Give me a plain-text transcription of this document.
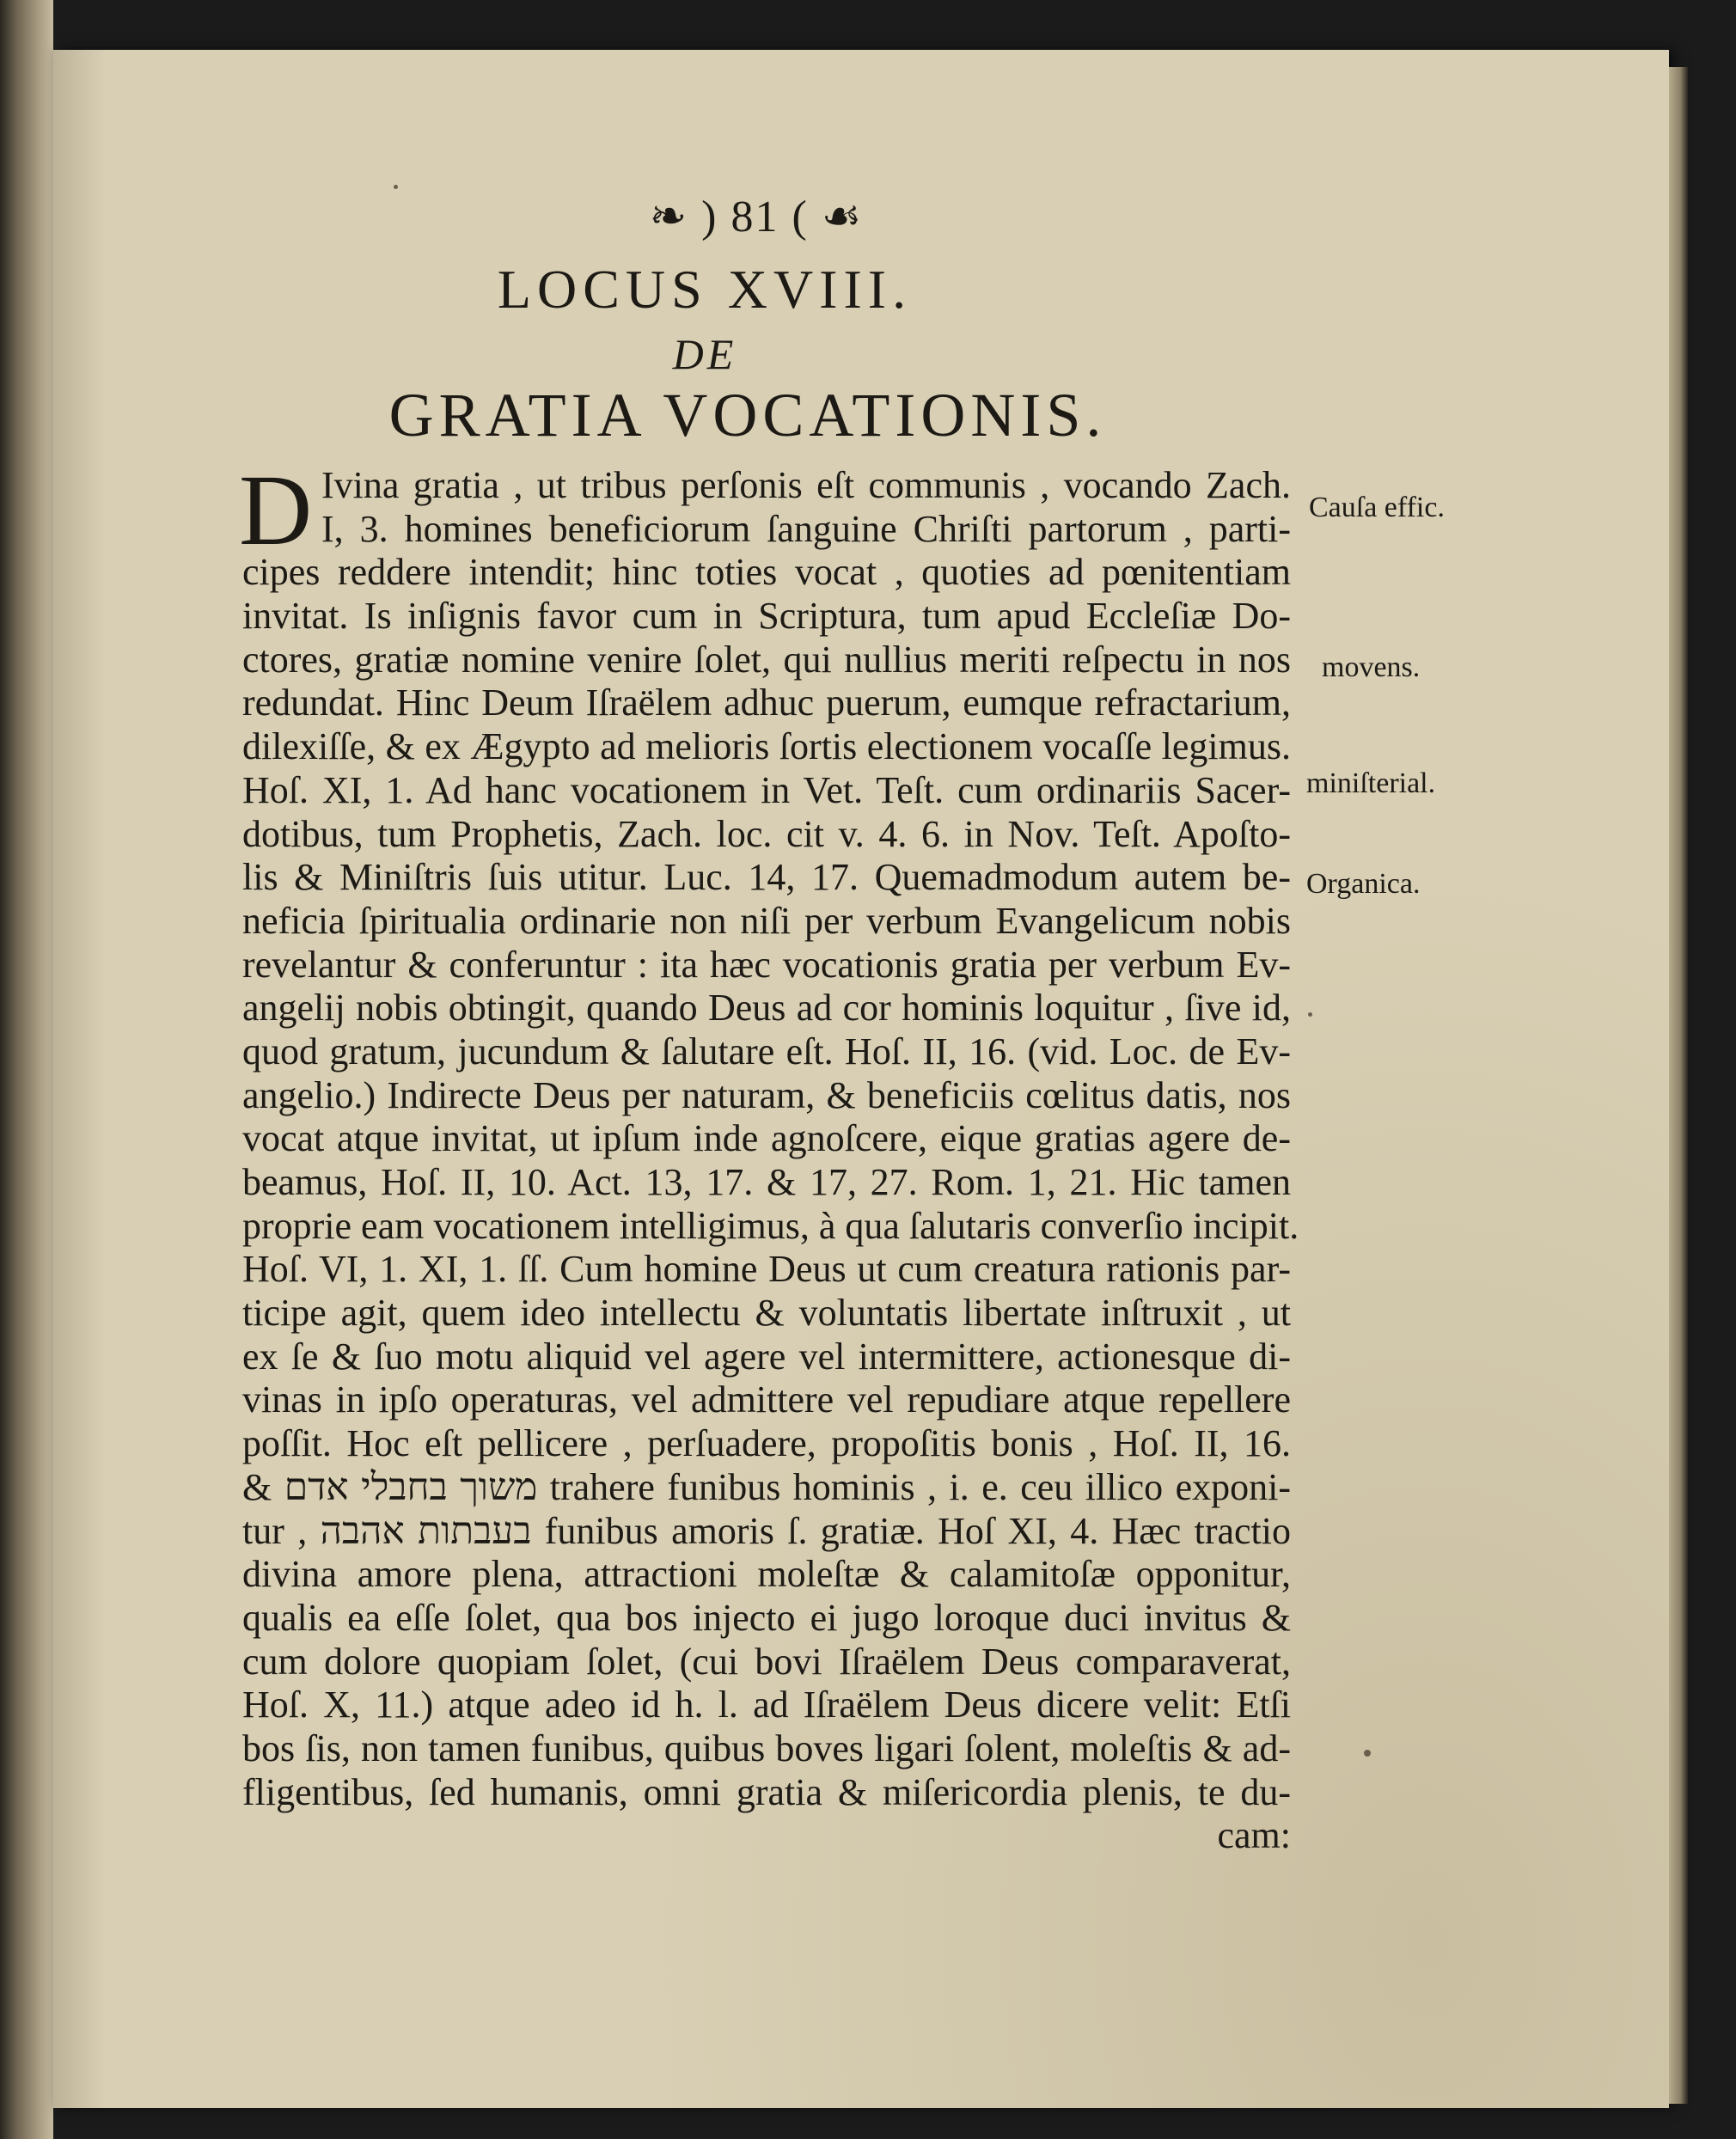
❧ ) 81 ( ☙
LOCUS XVIII.
DE
GRATIA VOCATIONIS.
D Ivina gratia , ut tribus perſonis eſt communis , vocando Zach.
I, 3. homines beneficiorum ſanguine Chriſti partorum , parti-
cipes reddere intendit; hinc toties vocat , quoties ad pœnitentiam
invitat. Is inſignis favor cum in Scriptura, tum apud Eccleſiæ Do-
ctores, gratiæ nomine venire ſolet, qui nullius meriti reſpectu in nos
redundat. Hinc Deum Iſraëlem adhuc puerum, eumque refractarium,
dilexiſſe, & ex Ægypto ad melioris ſortis electionem vocaſſe legimus.
Hoſ. XI, 1. Ad hanc vocationem in Vet. Teſt. cum ordinariis Sacer-
dotibus, tum Prophetis, Zach. loc. cit v. 4. 6. in Nov. Teſt. Apoſto-
lis & Miniſtris ſuis utitur. Luc. 14, 17. Quemadmodum autem be-
neficia ſpiritualia ordinarie non niſi per verbum Evangelicum nobis
revelantur & conferuntur : ita hæc vocationis gratia per verbum Ev-
angelij nobis obtingit, quando Deus ad cor hominis loquitur , ſive id,
quod gratum, jucundum & ſalutare eſt. Hoſ. II, 16. (vid. Loc. de Ev-
angelio.) Indirecte Deus per naturam, & beneficiis cœlitus datis, nos
vocat atque invitat, ut ipſum inde agnoſcere, eique gratias agere de-
beamus, Hoſ. II, 10. Act. 13, 17. & 17, 27. Rom. 1, 21. Hic tamen
proprie eam vocationem intelligimus, à qua ſalutaris converſio incipit.
Hoſ. VI, 1. XI, 1. ſſ. Cum homine Deus ut cum creatura rationis par-
ticipe agit, quem ideo intellectu & voluntatis libertate inſtruxit , ut
ex ſe & ſuo motu aliquid vel agere vel intermittere, actionesque di-
vinas in ipſo operaturas, vel admittere vel repudiare atque repellere
poſſit. Hoc eſt pellicere , perſuadere, propoſitis bonis , Hoſ. II, 16.
& משוך בחבלי אדם trahere funibus hominis , i. e. ceu illico exponi-
tur , בעבתות אהבה funibus amoris ſ. gratiæ. Hoſ XI, 4. Hæc tractio
divina amore plena, attractioni moleſtæ & calamitoſæ opponitur,
qualis ea eſſe ſolet, qua bos injecto ei jugo loroque duci invitus &
cum dolore quopiam ſolet, (cui bovi Iſraëlem Deus comparaverat,
Hoſ. X, 11.) atque adeo id h. l. ad Iſraëlem Deus dicere velit: Etſi
bos ſis, non tamen funibus, quibus boves ligari ſolent, moleſtis & ad-
fligentibus, ſed humanis, omni gratia & miſericordia plenis, te du-
cam:
Cauſa effic.
movens.
miniſterial.
Organica.
